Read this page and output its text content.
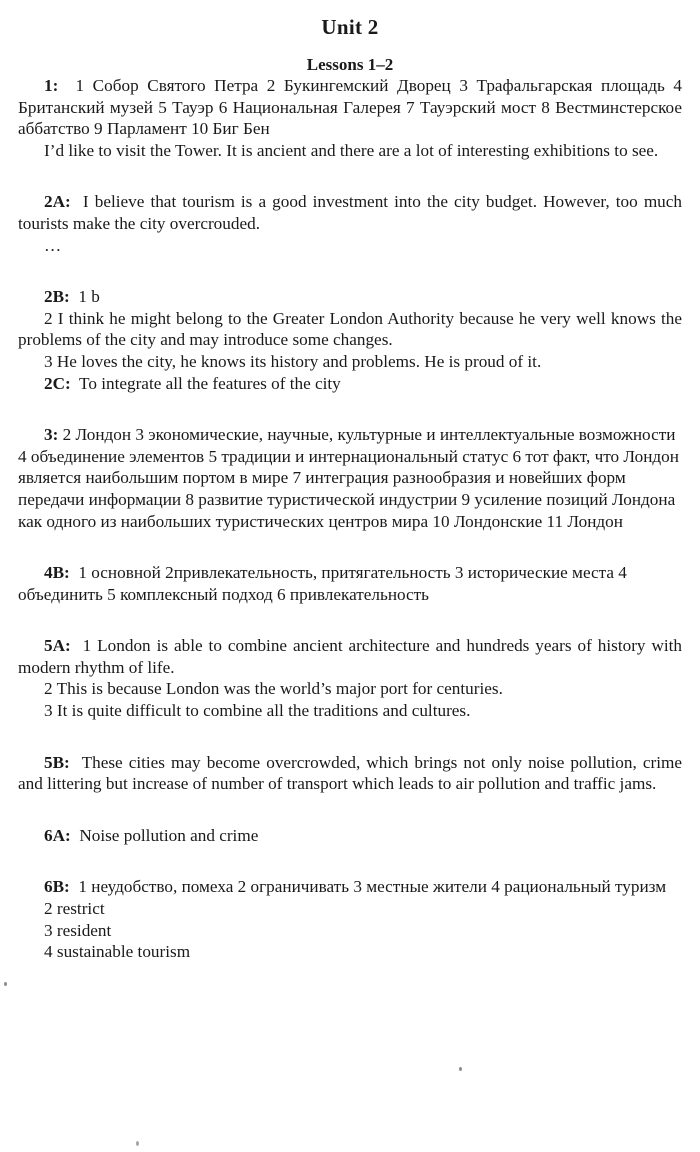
Unit 2
Lessons 1–2

1: 1 Собор Святого Петра 2 Букингемский Дворец 3 Трафальгарская площадь 4 Британский музей 5 Тауэр 6 Национальная Галерея 7 Тауэрский мост 8 Вестминстерское аббатство 9 Парламент 10 Биг Бен

I’d like to visit the Tower. It is ancient and there are a lot of interesting exhibitions to see.

2A: I believe that tourism is a good investment into the city budget. However, too much tourists make the city overcrouded.

…

2B: 1 b

2 I think he might belong to the Greater London Authority because he very well knows the problems of the city and may introduce some changes.

3 He loves the city, he knows its history and problems. He is proud of it.

2C: To integrate all the features of the city

3: 2 Лондон 3 экономические, научные, культурные и интеллектуальные возможности 4 объединение элементов 5 традиции и интернациональный статус 6 тот факт, что Лондон является наибольшим портом в мире 7 интеграция разнообразия и новейших форм передачи информации 8 развитие туристической индустрии 9 усиление позиций Лондона как одного из наибольших туристических центров мира 10 Лондонские 11 Лондон

4B: 1 основной 2привлекательность, притягательность 3 исторические места 4 объединить 5 комплексный подход 6 привлекательность

5A: 1 London is able to combine ancient architecture and hundreds years of history with modern rhythm of life.

2 This is because London was the world’s major port for centuries.

3 It is quite difficult to combine all the traditions and cultures.

5B: These cities may become overcrowded, which brings not only noise pollution, crime and littering but increase of number of transport which leads to air pollution and traffic jams.

6A: Noise pollution and crime

6B: 1 неудобство, помеха 2 ограничивать 3 местные жители 4 рациональный туризм

2 restrict

3 resident

4 sustainable tourism
